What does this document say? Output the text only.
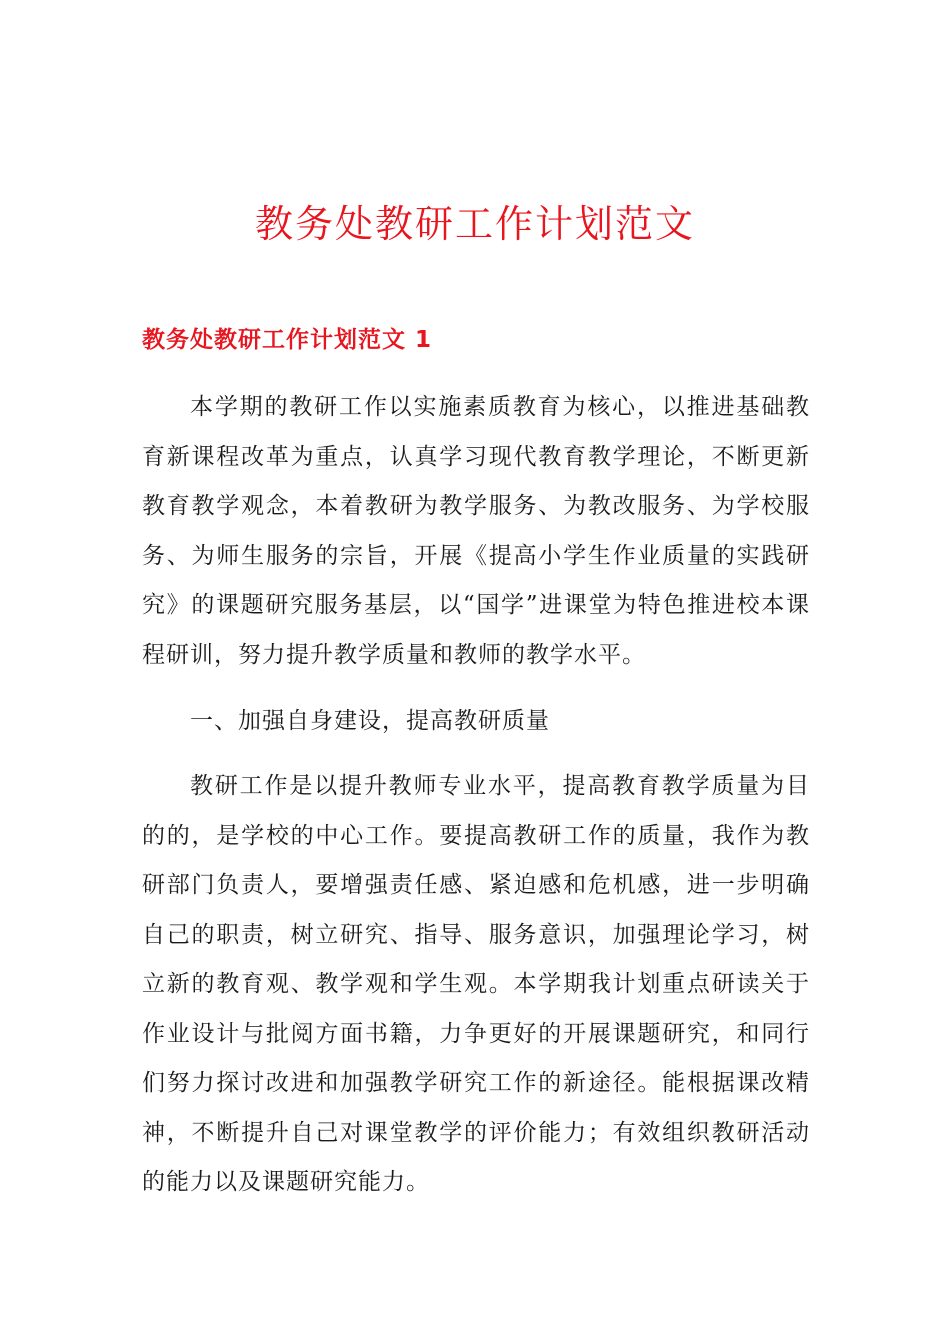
教务处教研工作计划范文
教务处教研工作计划范文 1

本学期的教研工作以实施素质教育为核心，以推进基础教育新课程改革为重点，认真学习现代教育教学理论，不断更新教育教学观念，本着教研为教学服务、为教改服务、为学校服务、为师生服务的宗旨，开展《提高小学生作业质量的实践研究》的课题研究服务基层，以“国学”进课堂为特色推进校本课程研训，努力提升教学质量和教师的教学水平。

一、加强自身建设，提高教研质量

教研工作是以提升教师专业水平，提高教育教学质量为目的的，是学校的中心工作。要提高教研工作的质量，我作为教研部门负责人，要增强责任感、紧迫感和危机感，进一步明确自己的职责，树立研究、指导、服务意识，加强理论学习，树立新的教育观、教学观和学生观。本学期我计划重点研读关于作业设计与批阅方面书籍，力争更好的开展课题研究，和同行们努力探讨改进和加强教学研究工作的新途径。能根据课改精神，不断提升自己对课堂教学的评价能力；有效组织教研活动的能力以及课题研究能力。
